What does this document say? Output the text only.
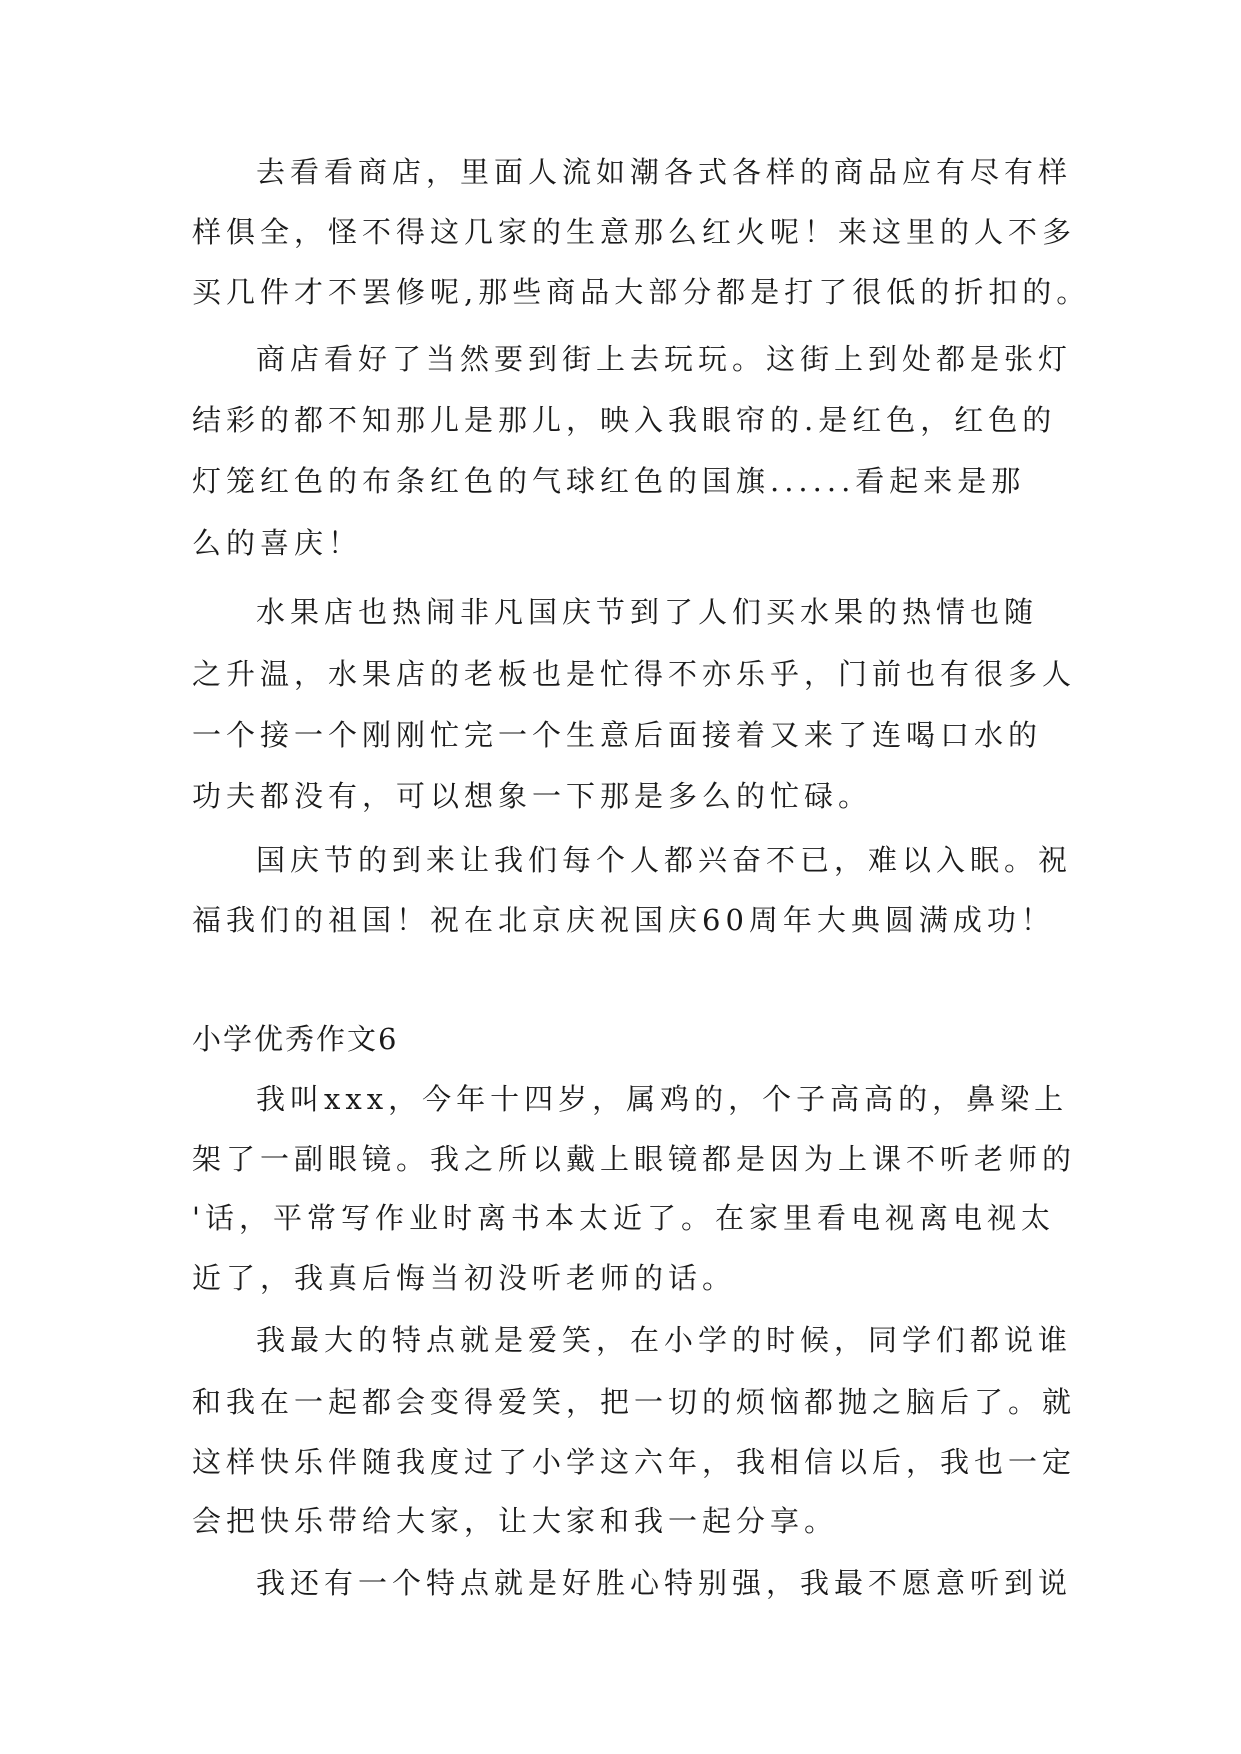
去看看商店，里面人流如潮各式各样的商品应有尽有样
样俱全，怪不得这几家的生意那么红火呢！来这里的人不多
买几件才不罢修呢,那些商品大部分都是打了很低的折扣的。
商店看好了当然要到街上去玩玩。这街上到处都是张灯
结彩的都不知那儿是那儿，映入我眼帘的.是红色，红色的
灯笼红色的布条红色的气球红色的国旗......看起来是那
么的喜庆！
水果店也热闹非凡国庆节到了人们买水果的热情也随
之升温，水果店的老板也是忙得不亦乐乎，门前也有很多人
一个接一个刚刚忙完一个生意后面接着又来了连喝口水的
功夫都没有，可以想象一下那是多么的忙碌。
国庆节的到来让我们每个人都兴奋不已，难以入眠。祝
福我们的祖国！祝在北京庆祝国庆60周年大典圆满成功！
小学优秀作文6
我叫xxx，今年十四岁，属鸡的，个子高高的，鼻梁上
架了一副眼镜。我之所以戴上眼镜都是因为上课不听老师的
'话，平常写作业时离书本太近了。在家里看电视离电视太
近了，我真后悔当初没听老师的话。
我最大的特点就是爱笑，在小学的时候，同学们都说谁
和我在一起都会变得爱笑，把一切的烦恼都抛之脑后了。就
这样快乐伴随我度过了小学这六年，我相信以后，我也一定
会把快乐带给大家，让大家和我一起分享。
我还有一个特点就是好胜心特别强，我最不愿意听到说
